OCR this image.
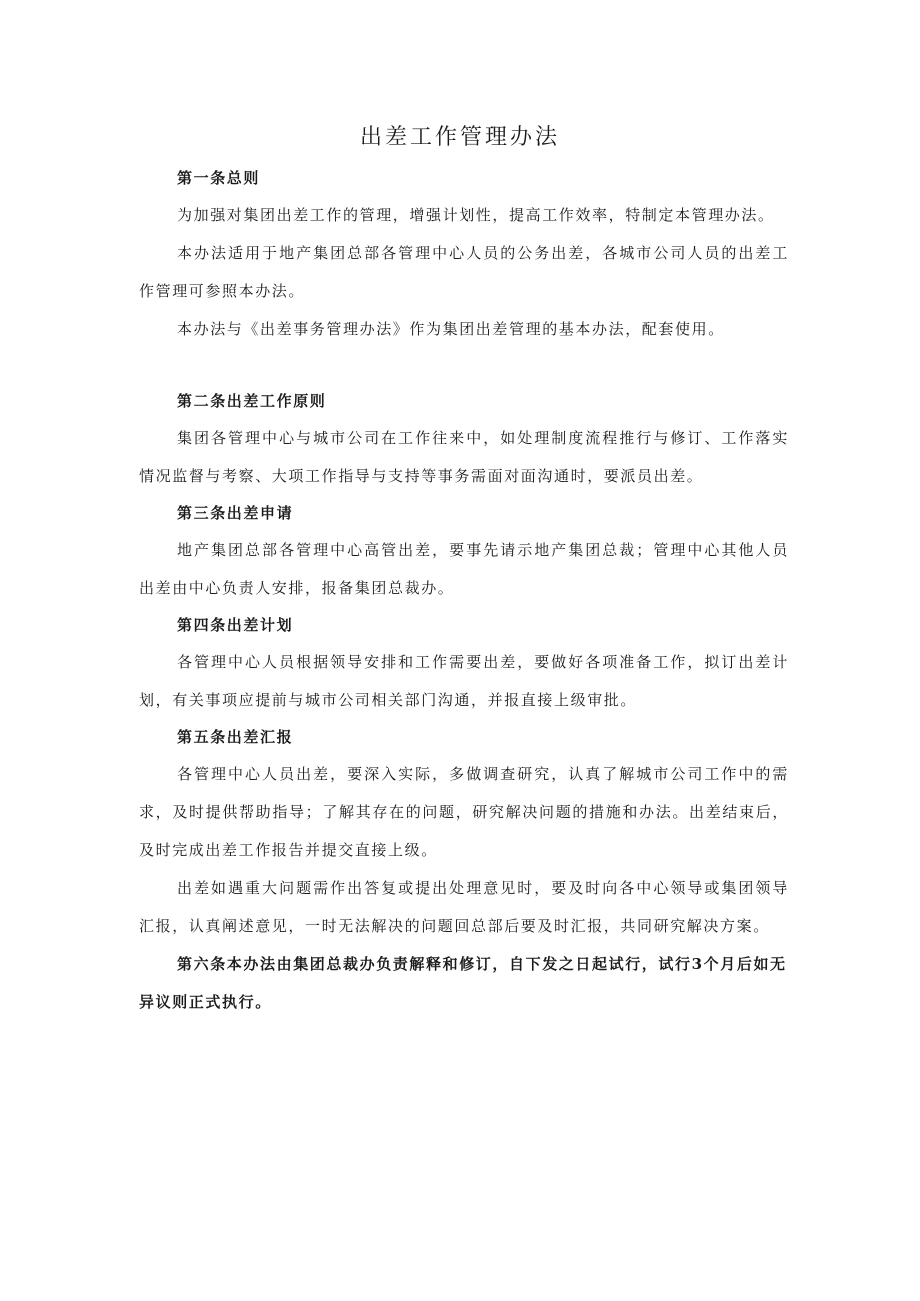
出差工作管理办法
第一条总则

为加强对集团出差工作的管理，增强计划性，提高工作效率，特制定本管理办法。

本办法适用于地产集团总部各管理中心人员的公务出差，各城市公司人员的出差工作管理可参照本办法。

本办法与《出差事务管理办法》作为集团出差管理的基本办法，配套使用。

第二条出差工作原则

集团各管理中心与城市公司在工作往来中，如处理制度流程推行与修订、工作落实情况监督与考察、大项工作指导与支持等事务需面对面沟通时，要派员出差。

第三条出差申请

地产集团总部各管理中心高管出差，要事先请示地产集团总裁；管理中心其他人员出差由中心负责人安排，报备集团总裁办。

第四条出差计划

各管理中心人员根据领导安排和工作需要出差，要做好各项准备工作，拟订出差计划，有关事项应提前与城市公司相关部门沟通，并报直接上级审批。

第五条出差汇报

各管理中心人员出差，要深入实际，多做调查研究，认真了解城市公司工作中的需求，及时提供帮助指导；了解其存在的问题，研究解决问题的措施和办法。出差结束后，及时完成出差工作报告并提交直接上级。

出差如遇重大问题需作出答复或提出处理意见时，要及时向各中心领导或集团领导汇报，认真阐述意见，一时无法解决的问题回总部后要及时汇报，共同研究解决方案。

第六条本办法由集团总裁办负责解释和修订，自下发之日起试行，试行3个月后如无异议则正式执行。
